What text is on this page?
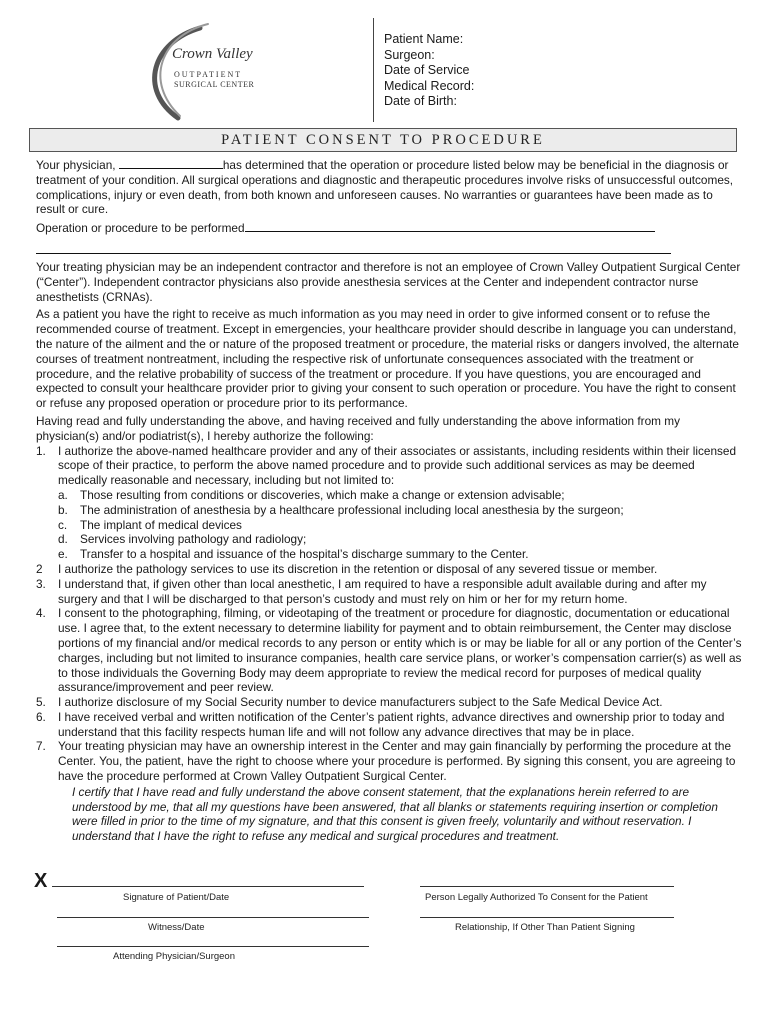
Crown Valley
OUTPATIENT
SURGICAL CENTER
Patient Name:
Surgeon:
Date of Service
Medical Record:
Date of Birth:
PATIENT CONSENT TO PROCEDURE

Your physician,	has determined that the operation or procedure listed below may be beneficial in the diagnosis or treatment of your condition. All surgical operations and diagnostic and therapeutic procedures involve risks of unsuccessful outcomes, complications, injury or even death, from both known and unforeseen causes. No warranties or guarantees have been made as to result or cure.

Operation or procedure to be performed

Your treating physician may be an independent contractor and therefore is not an employee of Crown Valley Outpatient Surgical Center (“Center”). Independent contractor physicians also provide anesthesia services at the Center and independent contractor nurse anesthetists (CRNAs).

As a patient you have the right to receive as much information as you may need in order to give informed consent or to refuse the recommended course of treatment. Except in emergencies, your healthcare provider should describe in language you can understand, the nature of the ailment and the or nature of the proposed treatment or procedure, the material risks or dangers involved, the alternate courses of treatment nontreatment, including the respective risk of unfortunate consequences associated with the treatment or procedure, and the relative probability of success of the treatment or procedure. If you have questions, you are encouraged and expected to consult your healthcare provider prior to giving your consent to such operation or procedure. You have the right to consent or refuse any proposed operation or procedure prior to its performance.

Having read and fully understanding the above, and having received and fully understanding the above information from my physician(s) and/or podiatrist(s), I hereby authorize the following:

1. I authorize the above-named healthcare provider and any of their associates or assistants, including residents within their licensed scope of their practice, to perform the above named procedure and to provide such additional services as may be deemed medically reasonable and necessary, including but not limited to:
a. Those resulting from conditions or discoveries, which make a change or extension advisable;
b. The administration of anesthesia by a healthcare professional including local anesthesia by the surgeon;
c. The implant of medical devices
d. Services involving pathology and radiology;
e. Transfer to a hospital and issuance of the hospital’s discharge summary to the Center.
2 I authorize the pathology services to use its discretion in the retention or disposal of any severed tissue or member.
3. I understand that, if given other than local anesthetic, I am required to have a responsible adult available during and after my surgery and that I will be discharged to that person’s custody and must rely on him or her for my return home.
4. I consent to the photographing, filming, or videotaping of the treatment or procedure for diagnostic, documentation or educational use. I agree that, to the extent necessary to determine liability for payment and to obtain reimbursement, the Center may disclose portions of my financial and/or medical records to any person or entity which is or may be liable for all or any portion of the Center’s charges, including but not limited to insurance companies, health care service plans, or worker’s compensation carrier(s) as well as to those individuals the Governing Body may deem appropriate to review the medical record for purposes of medical quality assurance/improvement and peer review.
5. I authorize disclosure of my Social Security number to device manufacturers subject to the Safe Medical Device Act.
6. I have received verbal and written notification of the Center’s patient rights, advance directives and ownership prior to today and understand that this facility respects human life and will not follow any advance directives that may be in place.
7. Your treating physician may have an ownership interest in the Center and may gain financially by performing the procedure at the Center. You, the patient, have the right to choose where your procedure is performed. By signing this consent, you are agreeing to have the procedure performed at Crown Valley Outpatient Surgical Center.

I certify that I have read and fully understand the above consent statement, that the explanations herein referred to are understood by me, that all my questions have been answered, that all blanks or statements requiring insertion or completion were filled in prior to the time of my signature, and that this consent is given freely, voluntarily and without reservation. I understand that I have the right to refuse any medical and surgical procedures and treatment.

X
Signature of Patient/Date	Person Legally Authorized To Consent for the Patient
Witness/Date	Relationship, If Other Than Patient Signing
Attending Physician/Surgeon
